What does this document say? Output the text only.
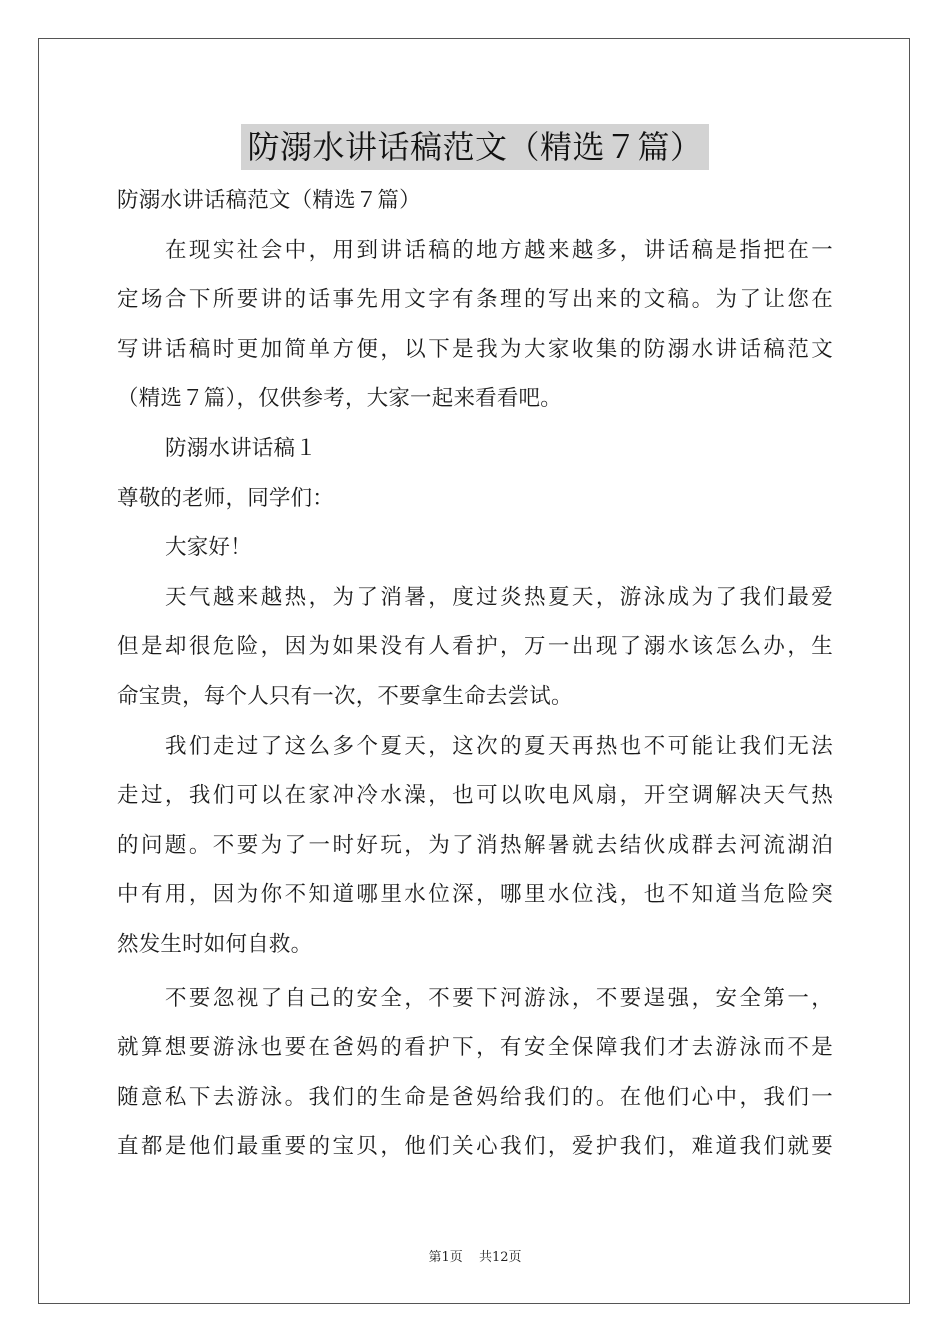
防溺水讲话稿范文（精选７篇）
防溺水讲话稿范文（精选７篇）
在现实社会中，用到讲话稿的地方越来越多，讲话稿是指把在一
定场合下所要讲的话事先用文字有条理的写出来的文稿。为了让您在
写讲话稿时更加简单方便，以下是我为大家收集的防溺水讲话稿范文
（精选７篇），仅供参考，大家一起来看看吧。
防溺水讲话稿１
尊敬的老师，同学们：
大家好！
天气越来越热，为了消暑，度过炎热夏天，游泳成为了我们最爱
但是却很危险，因为如果没有人看护，万一出现了溺水该怎么办，生
命宝贵，每个人只有一次，不要拿生命去尝试。
我们走过了这么多个夏天，这次的夏天再热也不可能让我们无法
走过，我们可以在家冲冷水澡，也可以吹电风扇，开空调解决天气热
的问题。不要为了一时好玩，为了消热解暑就去结伙成群去河流湖泊
中有用，因为你不知道哪里水位深，哪里水位浅，也不知道当危险突
然发生时如何自救。
不要忽视了自己的安全，不要下河游泳，不要逞强，安全第一，
就算想要游泳也要在爸妈的看护下，有安全保障我们才去游泳而不是
随意私下去游泳。我们的生命是爸妈给我们的。在他们心中，我们一
直都是他们最重要的宝贝，他们关心我们，爱护我们，难道我们就要
第1页 共12页
